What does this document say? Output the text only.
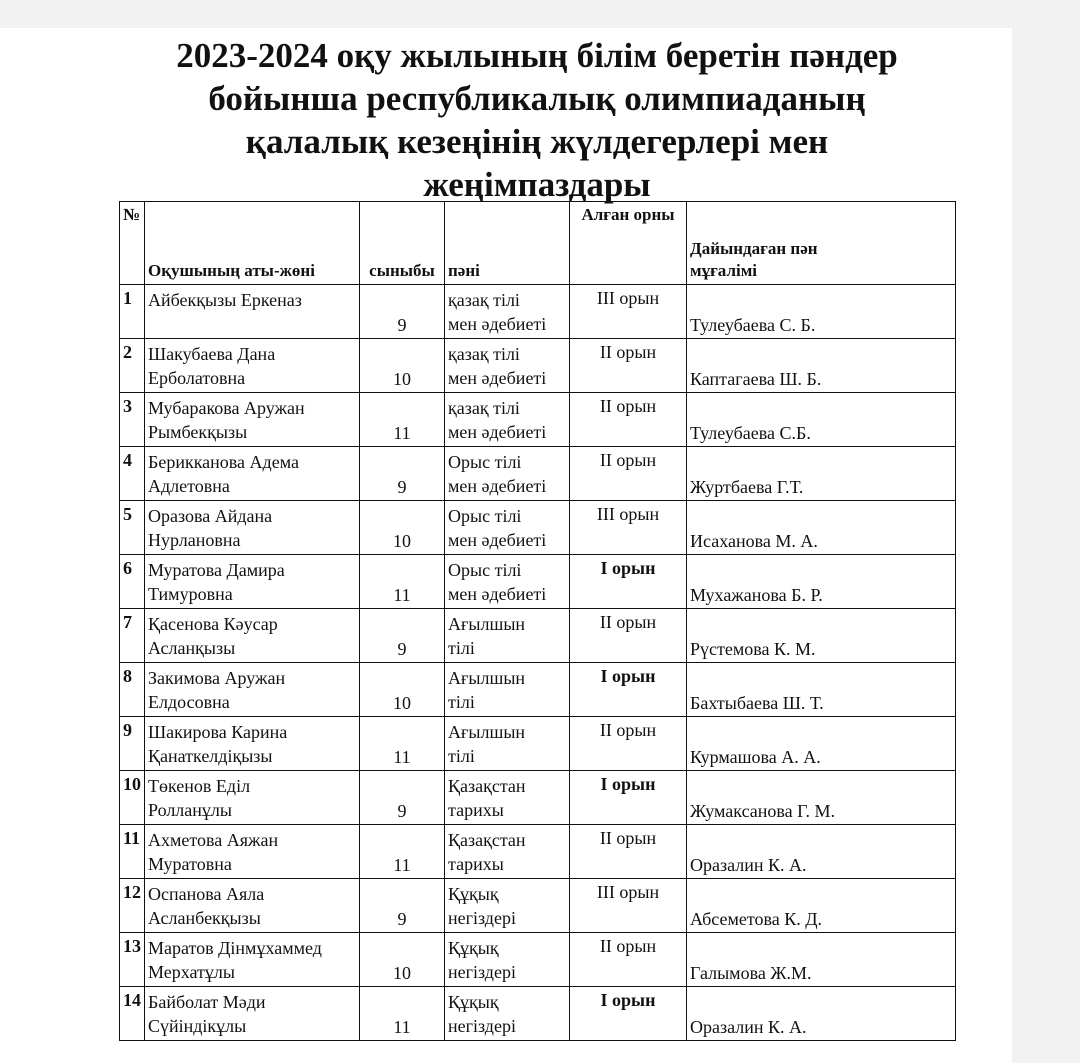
2023-2024 оқу жылының білім беретін пәндер
бойынша республикалық олимпиаданың
қалалық кезеңінің жүлдегерлері мен
жеңімпаздары
№	Оқушының аты-жөні	сыныбы	пәні	Алған орны	Дайындаған пән
мұғалімі

1	Айбекқызы Еркеназ	9	қазақ тілі
мен әдебиеті	III орын	Тулеубаева С. Б.
2	Шакубаева Дана
Ерболатовна	10	қазақ тілі
мен әдебиеті	II орын	Каптагаева Ш. Б.
3	Мубаракова Аружан
Рымбекқызы	11	қазақ тілі
мен әдебиеті	II орын	Тулеубаева С.Б.
4	Берикканова Адема
Адлетовна	9	Орыс тілі
мен әдебиеті	II орын	Журтбаева Г.Т.
5	Оразова Айдана
Нурлановна	10	Орыс тілі
мен әдебиеті	III орын	Исаханова М. А.
6	Муратова Дамира
Тимуровна	11	Орыс тілі
мен әдебиеті	I орын	Мухажанова Б. Р.
7	Қасенова Кәусар
Асланқызы	9	Ағылшын
тілі	II орын	Рүстемова К. М.
8	Закимова Аружан
Елдосовна	10	Ағылшын
тілі	I орын	Бахтыбаева Ш. Т.
9	Шакирова Карина
Қанаткелдіқызы	11	Ағылшын
тілі	II орын	Курмашова А. А.
10	Төкенов Еділ
Ролланұлы	9	Қазақстан
тарихы	I орын	Жумаксанова Г. М.
11	Ахметова Аяжан
Муратовна	11	Қазақстан
тарихы	II орын	Оразалин К. А.
12	Оспанова Аяла
Асланбекқызы	9	Құқық
негіздері	III орын	Абсеметова К. Д.
13	Маратов Дінмұхаммед
Мерхатұлы	10	Құқық
негіздері	II орын	Галымова Ж.М.
14	Байболат Мәди
Сүйіндікұлы	11	Құқық
негіздері	I орын	Оразалин К. А.
